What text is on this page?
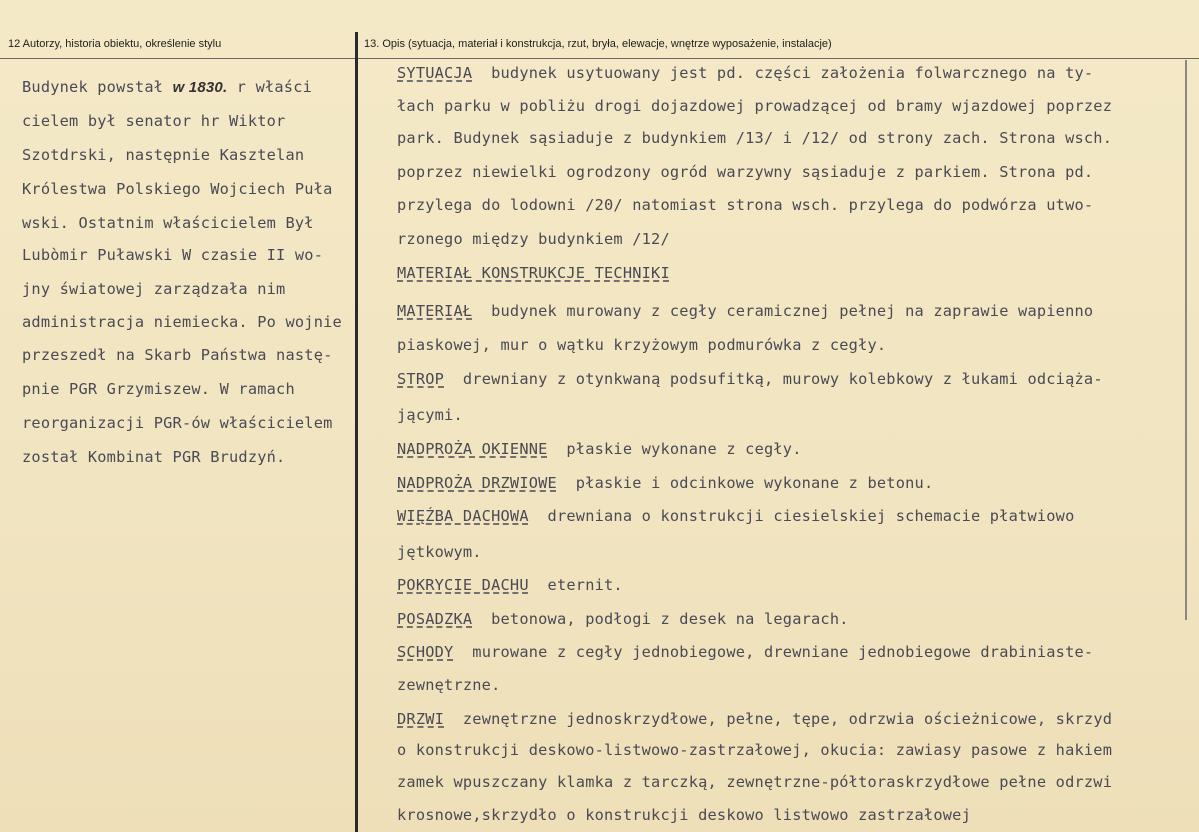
12 Autorzy, historia obiektu, określenie stylu	13. Opis (sytuacja, materiał i konstrukcja, rzut, bryła, elewacje, wnętrze wyposażenie, instalacje)
Budynek powstał w 1830. r właści
cielem był senator hr Wiktor
Szotdrski, następnie Kasztelan
Królestwa Polskiego Wojciech Puła
wski. Ostatnim właścicielem Był
Lubòmir Puławski W czasie II wo-
jny światowej zarządzała nim
administracja niemiecka. Po wojnie
przeszedł na Skarb Państwa nastę-
pnie PGR Grzymiszew. W ramach
reorganizacji PGR-ów właścicielem
został Kombinat PGR Brudzyń.
SYTUACJA  budynek usytuowany jest pd. części założenia folwarcznego na ty-
łach parku w pobliżu drogi dojazdowej prowadzącej od bramy wjazdowej poprzez
park. Budynek sąsiaduje z budynkiem /13/ i /12/ od strony zach. Strona wsch.
poprzez niewielki ogrodzony ogród warzywny sąsiaduje z parkiem. Strona pd.
przylega do lodowni /20/ natomiast strona wsch. przylega do podwórza utwo-
rzonego między budynkiem /12/
MATERIAŁ KONSTRUKCJE TECHNIKI
MATERIAŁ  budynek murowany z cegły ceramicznej pełnej na zaprawie wapienno
piaskowej, mur o wątku krzyżowym podmurówka z cegły.
STROP  drewniany z otynkwaną podsufitką, murowy kolebkowy z łukami odciąża-
jącymi.
NADPROŻA OKIENNE  płaskie wykonane z cegły.
NADPROŻA DRZWIOWE  płaskie i odcinkowe wykonane z betonu.
WIĘŹBA DACHOWA  drewniana o konstrukcji ciesielskiej schemacie płatwiowo
jętkowym.
POKRYCIE DACHU  eternit.
POSADZKA  betonowa, podłogi z desek na legarach.
SCHODY  murowane z cegły jednobiegowe, drewniane jednobiegowe drabiniaste-
zewnętrzne.
DRZWI  zewnętrzne jednoskrzydłowe, pełne, tępe, odrzwia ościeżnicowe, skrzyd
o konstrukcji deskowo-listwowo-zastrzałowej, okucia: zawiasy pasowe z hakiem
zamek wpuszczany klamka z tarczką, zewnętrzne-półtoraskrzydłowe pełne odrzwi
krosnowe,skrzydło o konstrukcji deskowo listwowo zastrzałowej
